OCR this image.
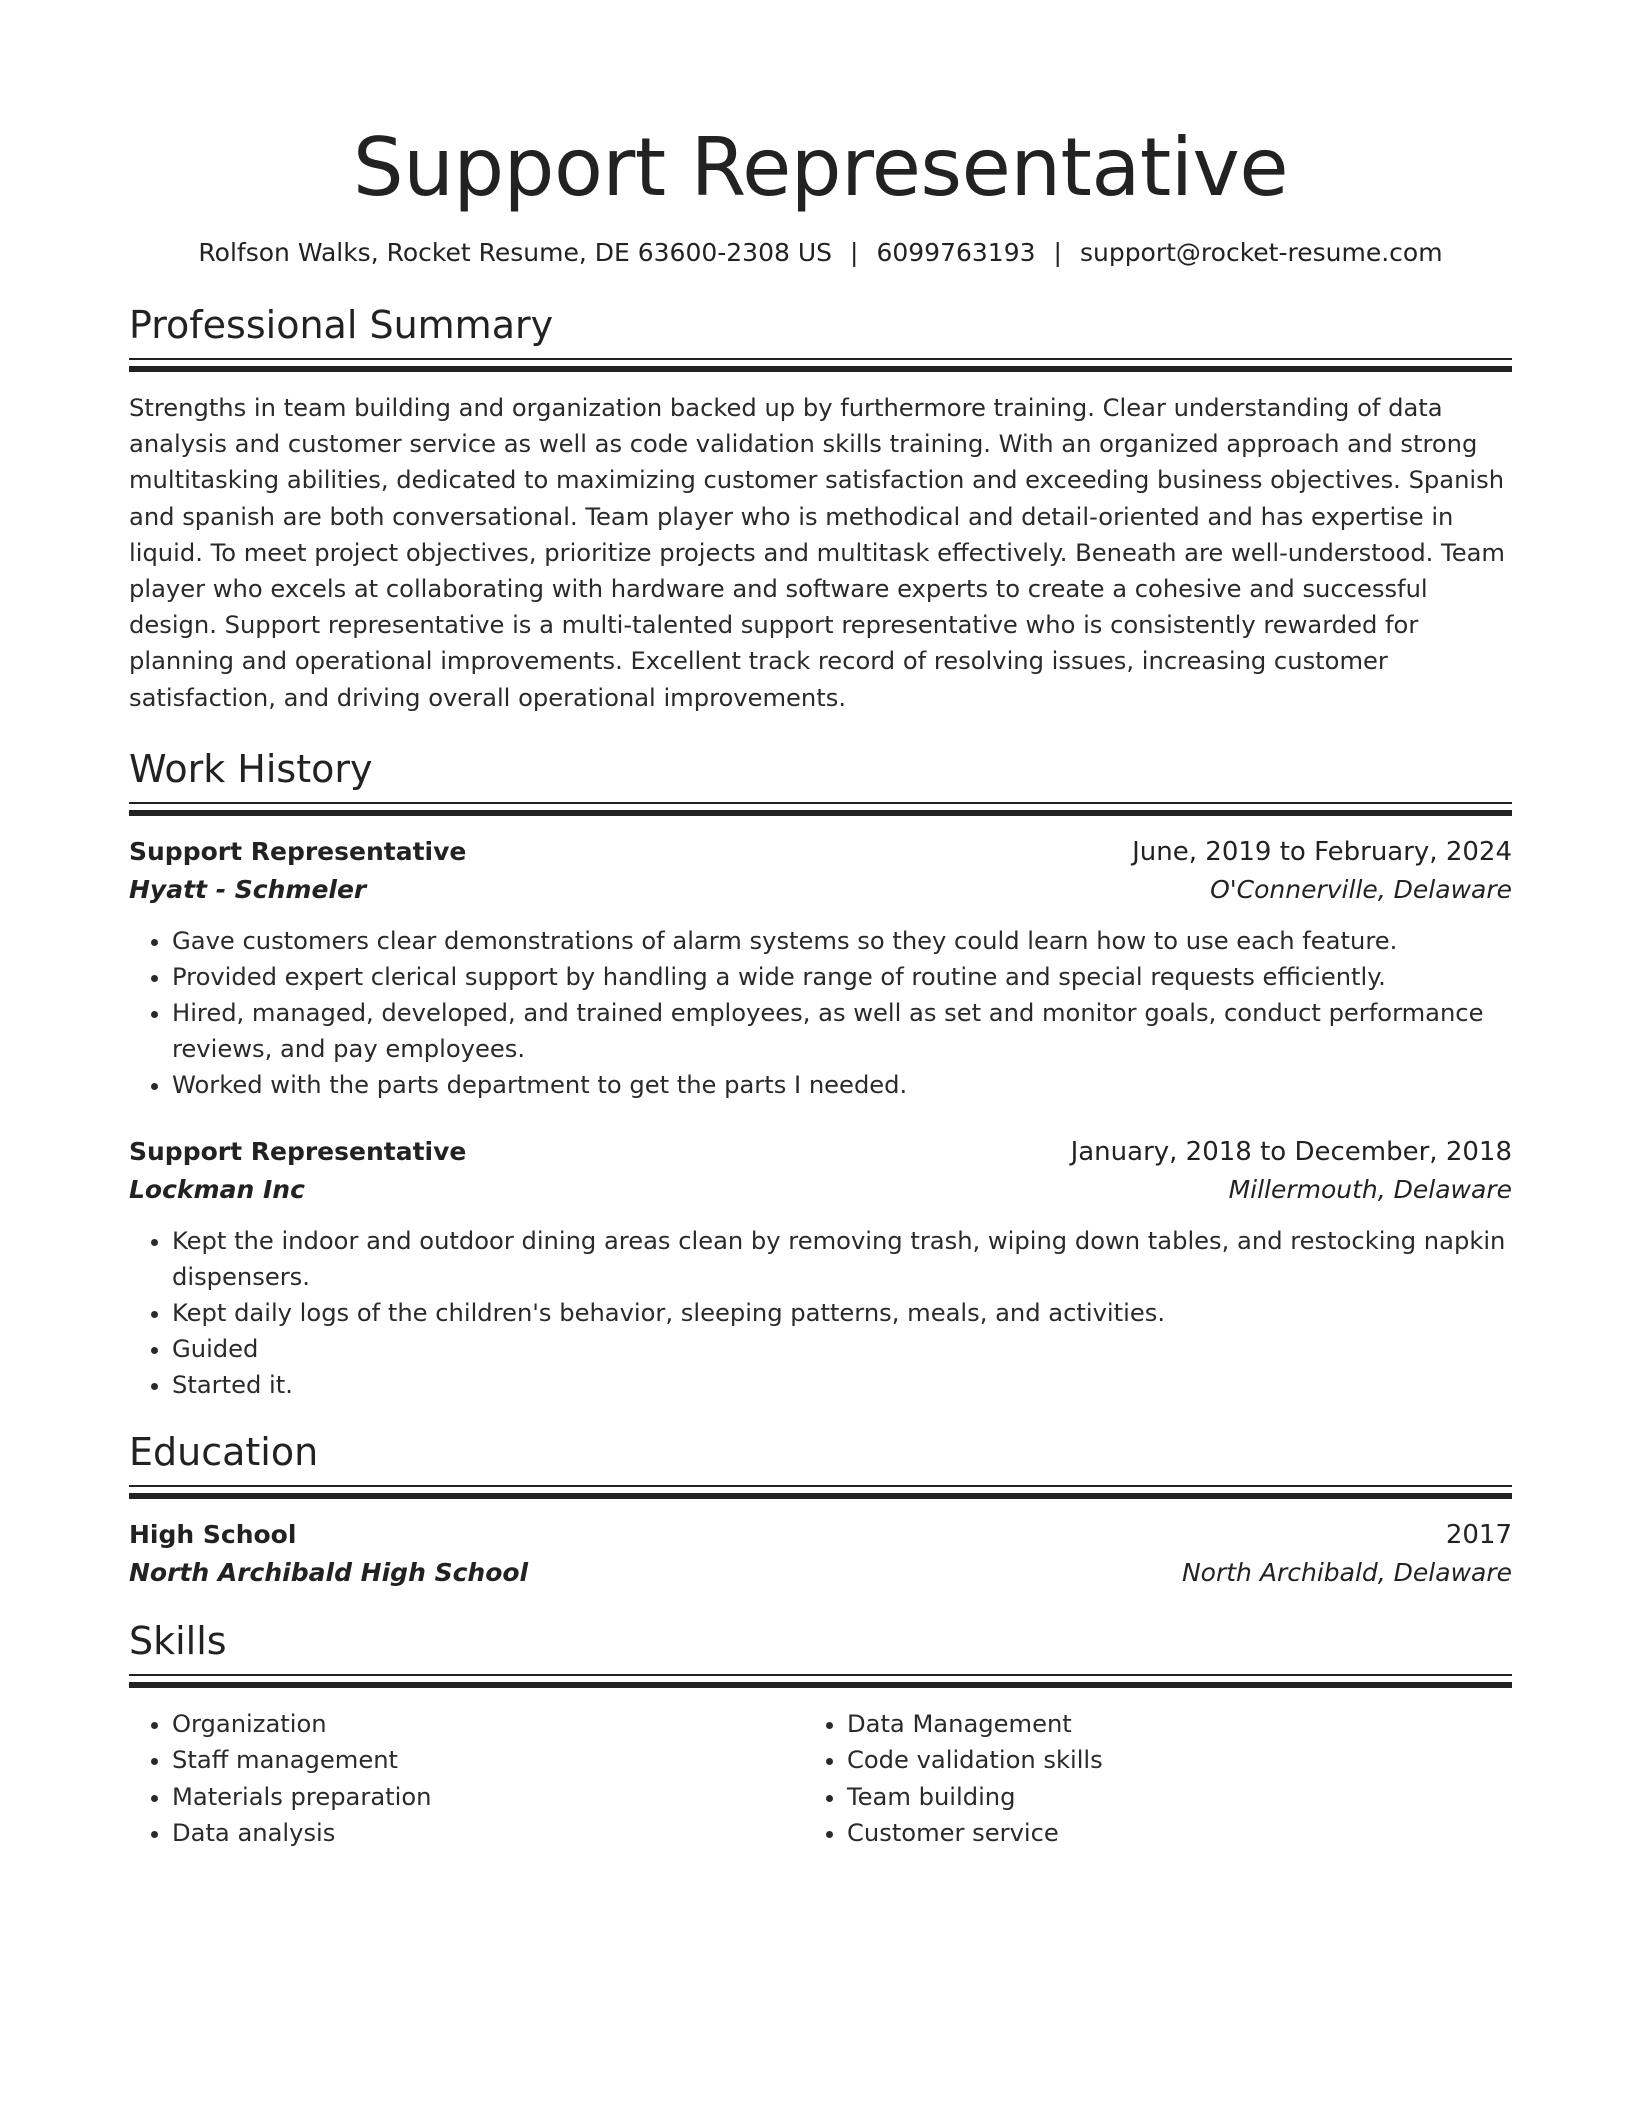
Support Representative
Rolfson Walks, Rocket Resume, DE 63600-2308 US | 6099763193 | support@rocket-resume.com
Professional Summary
Strengths in team building and organization backed up by furthermore training. Clear understanding of data analysis and customer service as well as code validation skills training. With an organized approach and strong multitasking abilities, dedicated to maximizing customer satisfaction and exceeding business objectives. Spanish and spanish are both conversational. Team player who is methodical and detail-oriented and has expertise in liquid. To meet project objectives, prioritize projects and multitask effectively. Beneath are well-understood. Team player who excels at collaborating with hardware and software experts to create a cohesive and successful design. Support representative is a multi-talented support representative who is consistently rewarded for planning and operational improvements. Excellent track record of resolving issues, increasing customer satisfaction, and driving overall operational improvements.
Work History
Support Representative	June, 2019 to February, 2024
Hyatt - Schmeler	O'Connerville, Delaware
• Gave customers clear demonstrations of alarm systems so they could learn how to use each feature.
• Provided expert clerical support by handling a wide range of routine and special requests efficiently.
• Hired, managed, developed, and trained employees, as well as set and monitor goals, conduct performance reviews, and pay employees.
• Worked with the parts department to get the parts I needed.
Support Representative	January, 2018 to December, 2018
Lockman Inc	Millermouth, Delaware
• Kept the indoor and outdoor dining areas clean by removing trash, wiping down tables, and restocking napkin dispensers.
• Kept daily logs of the children's behavior, sleeping patterns, meals, and activities.
• Guided
• Started it.
Education
High School	2017
North Archibald High School	North Archibald, Delaware
Skills
• Organization
• Staff management
• Materials preparation
• Data analysis
• Data Management
• Code validation skills
• Team building
• Customer service
